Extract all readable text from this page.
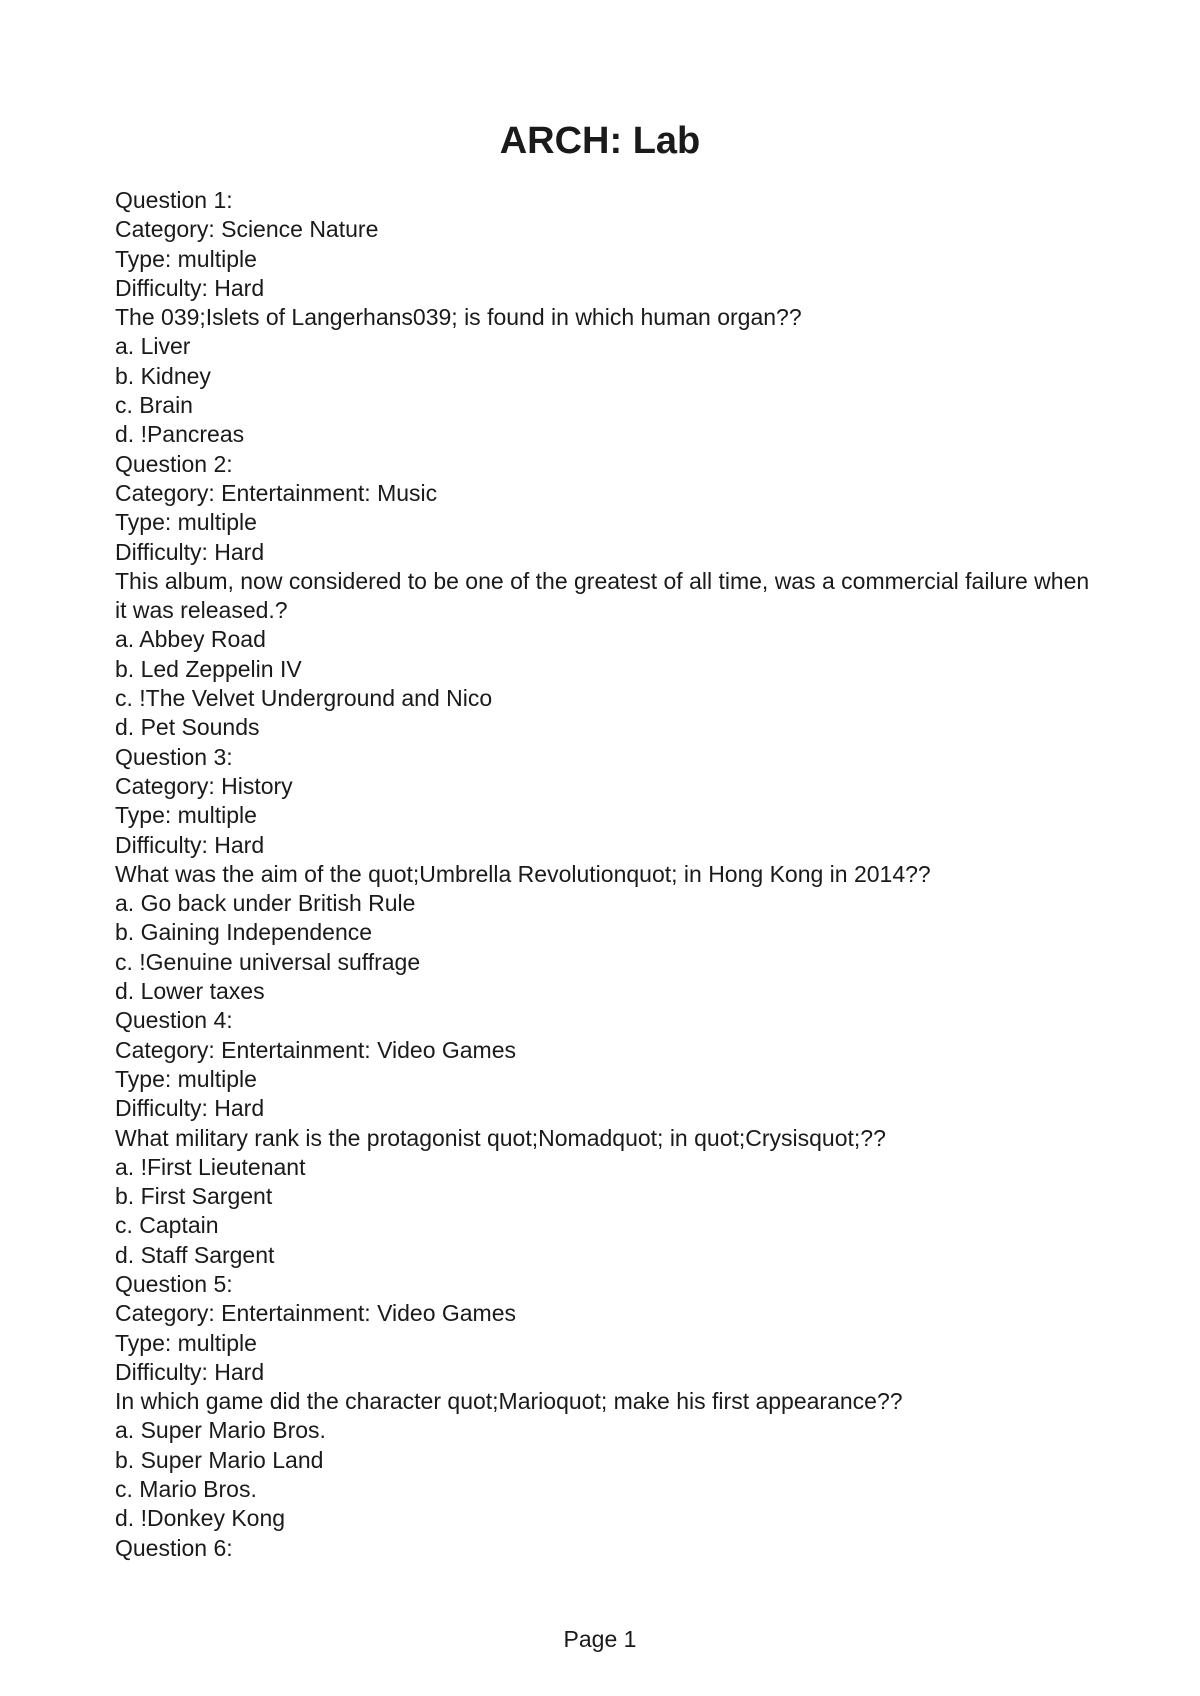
ARCH: Lab
Question 1:
Category: Science Nature
Type: multiple
Difficulty: Hard
The 039;Islets of Langerhans039; is found in which human organ??
a. Liver
b. Kidney
c. Brain
d. !Pancreas
Question 2:
Category: Entertainment: Music
Type: multiple
Difficulty: Hard
This album, now considered to be one of the greatest of all time, was a commercial failure when it was released.?
a. Abbey Road
b. Led Zeppelin IV
c. !The Velvet Underground and Nico
d. Pet Sounds
Question 3:
Category: History
Type: multiple
Difficulty: Hard
What was the aim of the quot;Umbrella Revolutionquot; in Hong Kong in 2014??
a. Go back under British Rule
b. Gaining Independence
c. !Genuine universal suffrage
d. Lower taxes
Question 4:
Category: Entertainment: Video Games
Type: multiple
Difficulty: Hard
What military rank is the protagonist quot;Nomadquot; in quot;Crysisquot;??
a. !First Lieutenant
b. First Sargent
c. Captain
d. Staff Sargent
Question 5:
Category: Entertainment: Video Games
Type: multiple
Difficulty: Hard
In which game did the character quot;Marioquot; make his first appearance??
a. Super Mario Bros.
b. Super Mario Land
c. Mario Bros.
d. !Donkey Kong
Question 6:
Page 1
